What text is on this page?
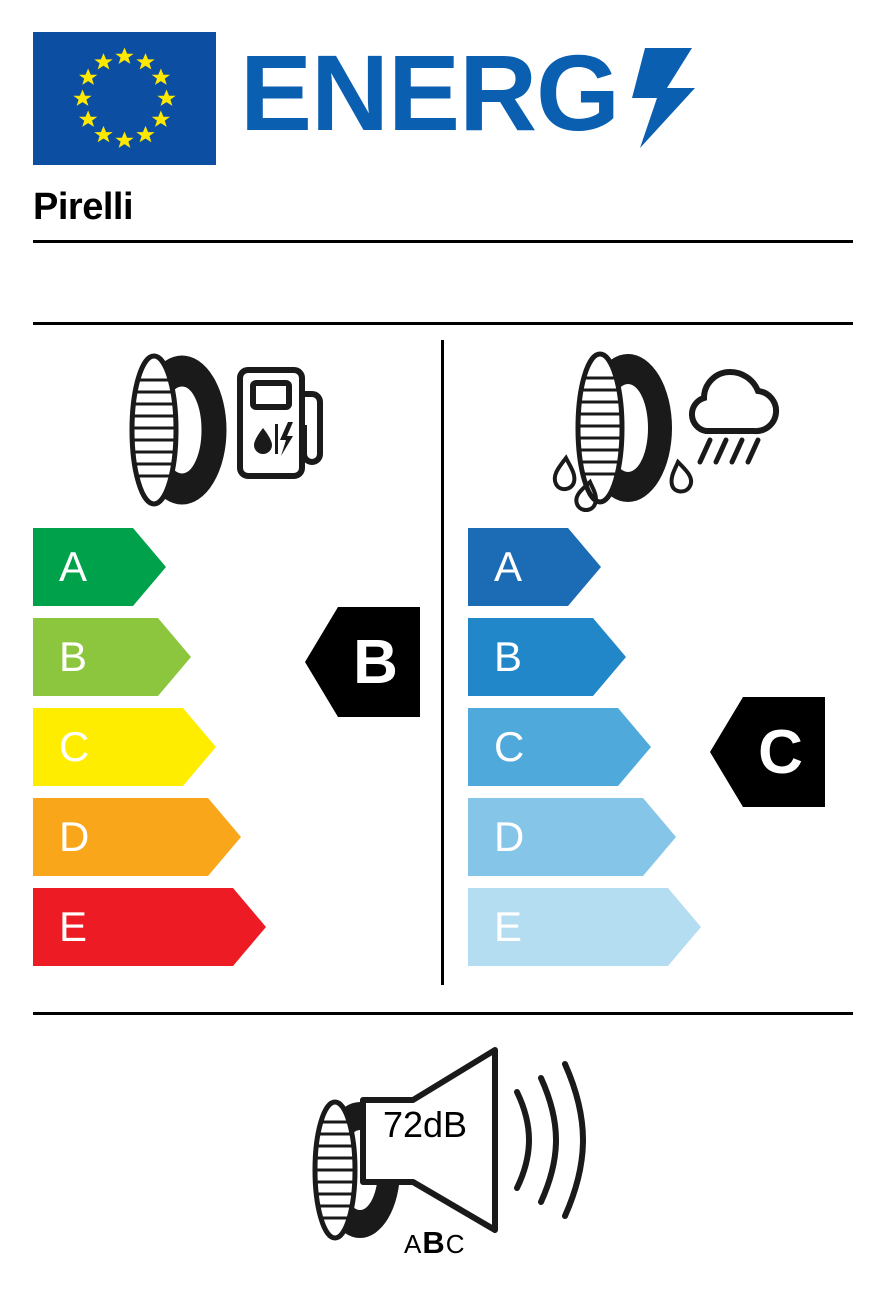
ENERG
Pirelli
A
B
C
D
E
A
B
C
D
E
B
C
72dB
ABC
